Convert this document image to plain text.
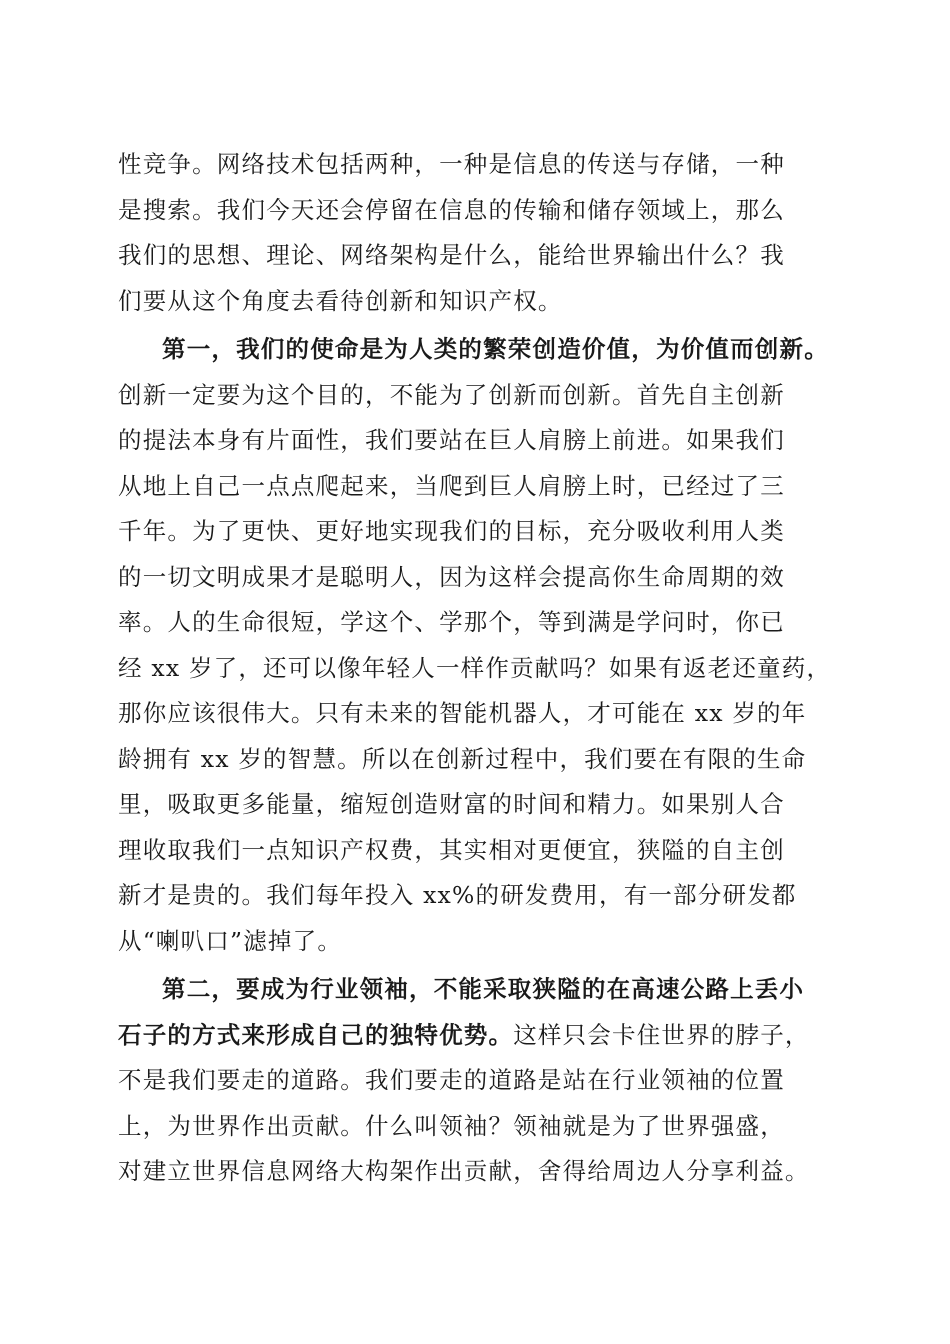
性竞争。网络技术包括两种，一种是信息的传送与存储，一种
是搜索。我们今天还会停留在信息的传输和储存领域上，那么
我们的思想、理论、网络架构是什么，能给世界输出什么？我
们要从这个角度去看待创新和知识产权。
第一，我们的使命是为人类的繁荣创造价值，为价值而创新。
创新一定要为这个目的，不能为了创新而创新。首先自主创新
的提法本身有片面性，我们要站在巨人肩膀上前进。如果我们
从地上自己一点点爬起来，当爬到巨人肩膀上时，已经过了三
千年。为了更快、更好地实现我们的目标，充分吸收利用人类
的一切文明成果才是聪明人，因为这样会提高你生命周期的效
率。人的生命很短，学这个、学那个，等到满是学问时，你已
经 xx 岁了，还可以像年轻人一样作贡献吗？如果有返老还童药，
那你应该很伟大。只有未来的智能机器人，才可能在 xx 岁的年
龄拥有 xx 岁的智慧。所以在创新过程中，我们要在有限的生命
里，吸取更多能量，缩短创造财富的时间和精力。如果别人合
理收取我们一点知识产权费，其实相对更便宜，狭隘的自主创
新才是贵的。我们每年投入 xx%的研发费用，有一部分研发都
从“喇叭口”滤掉了。
第二，要成为行业领袖，不能采取狭隘的在高速公路上丢小
石子的方式来形成自己的独特优势。这样只会卡住世界的脖子，
不是我们要走的道路。我们要走的道路是站在行业领袖的位置
上，为世界作出贡献。什么叫领袖？领袖就是为了世界强盛，
对建立世界信息网络大构架作出贡献，舍得给周边人分享利益。
